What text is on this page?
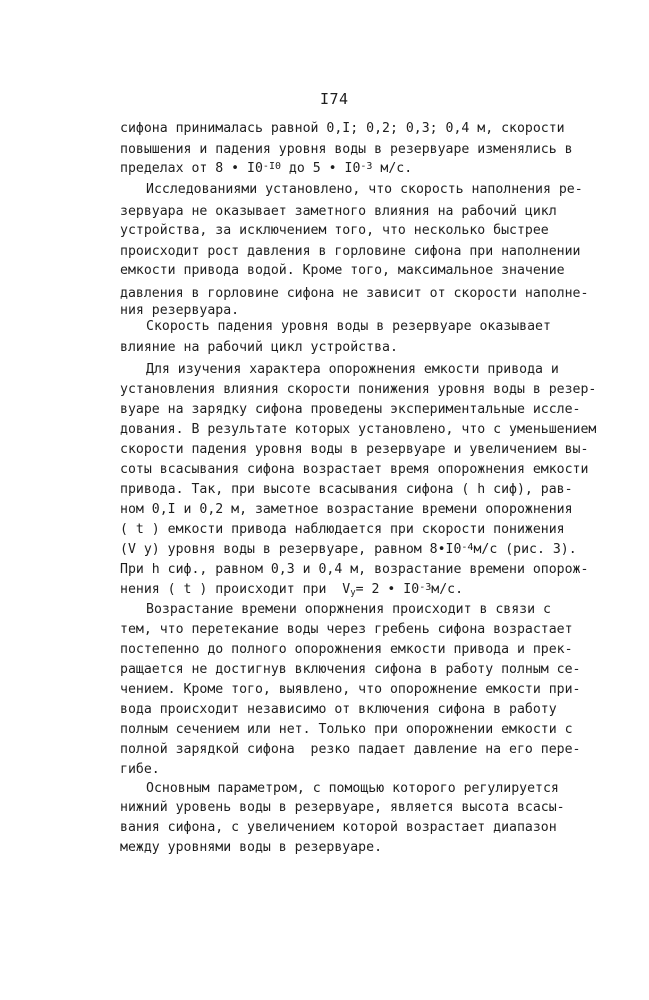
I74
сифона принималась равной 0,I; 0,2; 0,3; 0,4 м, скорости
повышения и падения уровня воды в резервуаре изменялись в
пределах от 8 • $I0^{-I0}$ до 5 • $I0^{-3}$ м/с.
Исследованиями установлено, что скорость наполнения ре-
зервуара не оказывает заметного влияния на рабочий цикл
устройства, за исключением того, что несколько быстрее
происходит рост давления в горловине сифона при наполнении
емкости привода водой. Кроме того, максимальное значение
давления в горловине сифона не зависит от скорости наполне-
ния резервуара.
Скорость падения уровня воды в резервуаре оказывает
влияние на рабочий цикл устройства.
Для изучения характера опорожнения емкости привода и
установления влияния скорости понижения уровня воды в резер-
вуаре на зарядку сифона проведены экспериментальные иссле-
дования. В результате которых установлено, что с уменьшением
скорости падения уровня воды в резервуаре и увеличением вы-
соты всасывания сифона возрастает время опорожнения емкости
привода. Так, при высоте всасывания сифона ( h сиф), рав-
ном 0,I и 0,2 м, заметное возрастание времени опорожнения
( t ) емкости привода наблюдается при скорости понижения
(V y) уровня воды в резервуаре, равном $8•I0^{-4}м/с$ (рис. 3).
При h сиф., равном 0,3 и 0,4 м, возрастание времени опорож-
нения ( t ) происходит при  $V_y= 2$ • $I0^{-3}м/с$.
Возрастание времени опоржнения происходит в связи с
тем, что перетекание воды через гребень сифона возрастает
постепенно до полного опорожнения емкости привода и прек-
ращается не достигнув включения сифона в работу полным се-
чением. Кроме того, выявлено, что опорожнение емкости при-
вода происходит независимо от включения сифона в работу
полным сечением или нет. Только при опорожнении емкости с
полной зарядкой сифона  резко падает давление на его пере-
гибе.
Основным параметром, с помощью которого регулируется
нижний уровень воды в резервуаре, является высота всасы-
вания сифона, с увеличением которой возрастает диапазон
между уровнями воды в резервуаре.
